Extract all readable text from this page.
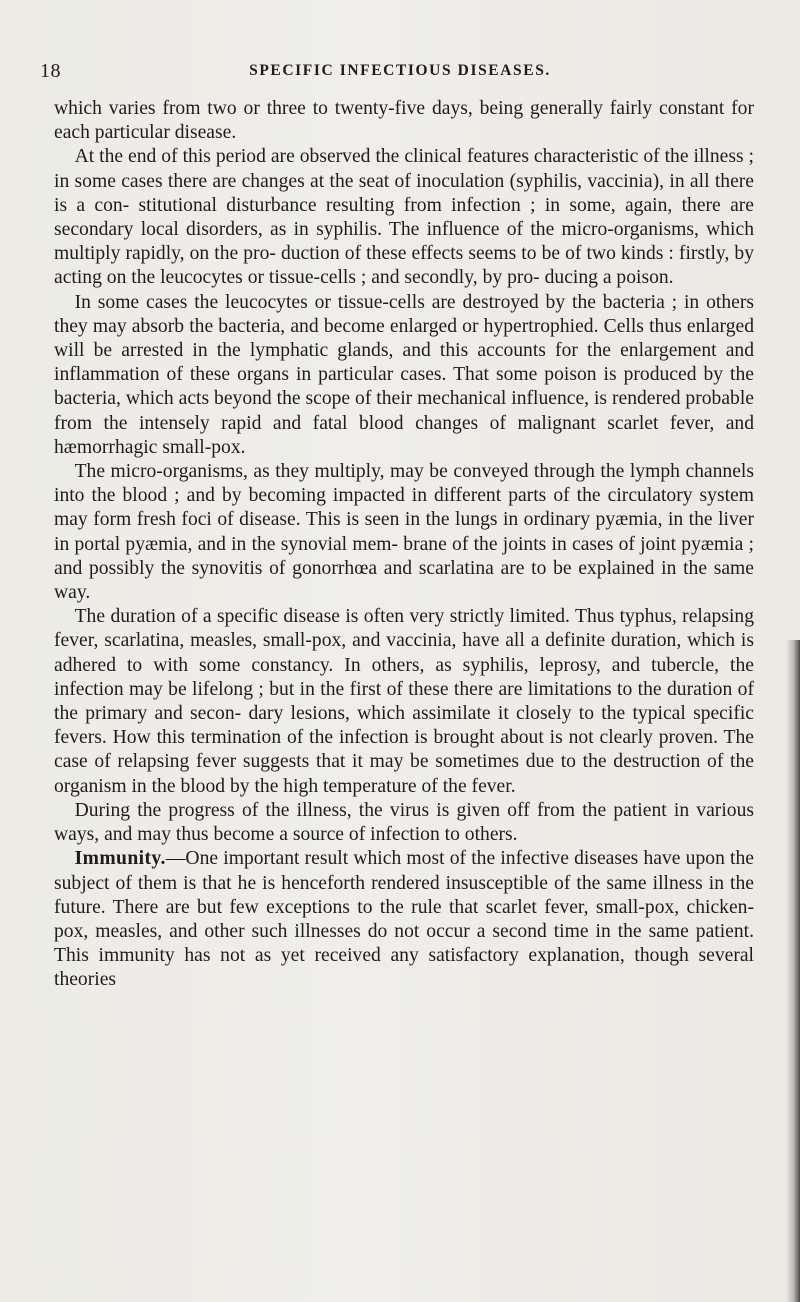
18	SPECIFIC INFECTIOUS DISEASES.

which varies from two or three to twenty-five days, being generally fairly constant for each particular disease.

At the end of this period are observed the clinical features characteristic of the illness ; in some cases there are changes at the seat of inoculation (syphilis, vaccinia), in all there is a con- stitutional disturbance resulting from infection ; in some, again, there are secondary local disorders, as in syphilis. The influence of the micro-organisms, which multiply rapidly, on the pro- duction of these effects seems to be of two kinds : firstly, by acting on the leucocytes or tissue-cells ; and secondly, by pro- ducing a poison.

In some cases the leucocytes or tissue-cells are destroyed by the bacteria ; in others they may absorb the bacteria, and become enlarged or hypertrophied. Cells thus enlarged will be arrested in the lymphatic glands, and this accounts for the enlargement and inflammation of these organs in particular cases. That some poison is produced by the bacteria, which acts beyond the scope of their mechanical influence, is rendered probable from the intensely rapid and fatal blood changes of malignant scarlet fever, and hæmorrhagic small-pox.

The micro-organisms, as they multiply, may be conveyed through the lymph channels into the blood ; and by becoming impacted in different parts of the circulatory system may form fresh foci of disease. This is seen in the lungs in ordinary pyæmia, in the liver in portal pyæmia, and in the synovial mem- brane of the joints in cases of joint pyæmia ; and possibly the synovitis of gonorrhœa and scarlatina are to be explained in the same way.

The duration of a specific disease is often very strictly limited. Thus typhus, relapsing fever, scarlatina, measles, small-pox, and vaccinia, have all a definite duration, which is adhered to with some constancy. In others, as syphilis, leprosy, and tubercle, the infection may be lifelong ; but in the first of these there are limitations to the duration of the primary and secon- dary lesions, which assimilate it closely to the typical specific fevers. How this termination of the infection is brought about is not clearly proven. The case of relapsing fever suggests that it may be sometimes due to the destruction of the organism in the blood by the high temperature of the fever.

During the progress of the illness, the virus is given off from the patient in various ways, and may thus become a source of infection to others.

Immunity.—One important result which most of the infective diseases have upon the subject of them is that he is henceforth rendered insusceptible of the same illness in the future. There are but few exceptions to the rule that scarlet fever, small-pox, chicken-pox, measles, and other such illnesses do not occur a second time in the same patient. This immunity has not as yet received any satisfactory explanation, though several theories
